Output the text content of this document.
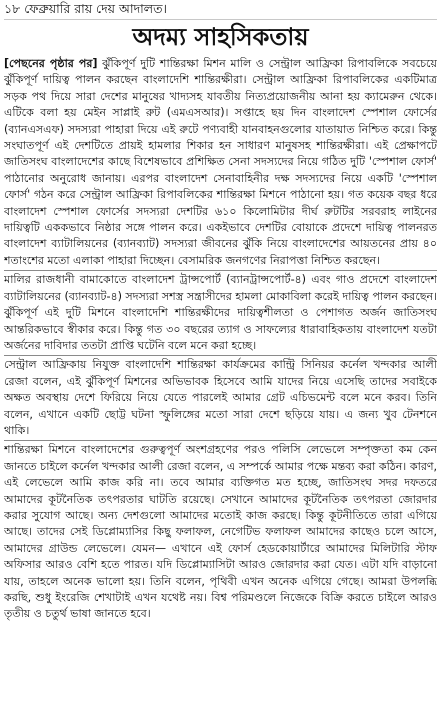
১৮ ফেব্রুয়ারি রায় দেয় আদালত।
অদম্য সাহসিকতায়

[পেছনের পৃষ্ঠার পর] ঝুঁকিপূর্ণ দুটি শান্তিরক্ষা মিশন মালি ও সেন্ট্রাল আফ্রিকা রিপাবলিকে সবচেয়ে ঝুঁকিপূর্ণ দায়িত্ব পালন করছেন বাংলাদেশি শান্তিরক্ষীরা। সেন্ট্রাল আফ্রিকা রিপাবলিকের একটিমাত্র সড়ক পথ দিয়ে সারা দেশের মানুষের খাদ্যসহ যাবতীয় নিত্যপ্রয়োজনীয় আনা হয় ক্যামেরুন থেকে। এটিকে বলা হয় মেইন সাপ্লাই রুট (এমএসআর)। সপ্তাহে ছয় দিন বাংলাদেশ স্পেশাল ফোর্সের (ব্যানএসএফ) সদস্যরা পাহারা দিয়ে এই রুটে পণ্যবাহী যানবাহনগুলোর যাতায়াত নিশ্চিত করে। কিন্তু সংঘাতপূর্ণ এই দেশটিতে প্রায়ই হামলার শিকার হন সাধারণ মানুষসহ শান্তিরক্ষীরা। এই প্রেক্ষাপটে জাতিসংঘ বাংলাদেশের কাছে বিশেষভাবে প্রশিক্ষিত সেনা সদস্যদের নিয়ে গঠিত দুটি 'স্পেশাল ফোর্স' পাঠানোর অনুরোধ জানায়। এরপর বাংলাদেশ সেনাবাহিনীর দক্ষ সদস্যদের নিয়ে একটি 'স্পেশাল ফোর্স' গঠন করে সেন্ট্রাল আফ্রিকা রিপাবলিকের শান্তিরক্ষা মিশনে পাঠানো হয়। গত কয়েক বছর ধরে বাংলাদেশ স্পেশাল ফোর্সের সদস্যরা দেশটির ৬১০ কিলোমিটার দীর্ঘ রুটটির সরবরাহ লাইনের দায়িত্বটি এককভাবে নিষ্ঠার সঙ্গে পালন করে। একইভাবে দেশটির বোয়াকে প্রদেশে দায়িত্ব পালনরত বাংলাদেশ ব্যাটালিয়নের (ব্যানব্যাট) সদস্যরা জীবনের ঝুঁকি নিয়ে বাংলাদেশের আয়তনের প্রায় ৪০ শতাংশের মতো এলাকা পাহারা দিচ্ছেন। বেসামরিক জনগণের নিরাপত্তা নিশ্চিত করছেন।

মালির রাজধানী বামাকোতে বাংলাদেশ ট্রান্সপোর্ট (ব্যানট্রান্সপোর্ট-৪) এবং গাও প্রদেশে বাংলাদেশ ব্যাটালিয়নের (ব্যানব্যাট-৪) সদস্যরা সশস্ত্র সন্ত্রাসীদের হামলা মোকাবিলা করেই দায়িত্ব পালন করছেন। ঝুঁকিপূর্ণ এই দুটি মিশনে বাংলাদেশি শান্তিরক্ষীদের দায়িত্বশীলতা ও পেশাগত অর্জন জাতিসংঘ আন্তরিকভাবে স্বীকার করে। কিন্তু গত ৩০ বছরের ত্যাগ ও সাফল্যের ধারাবাহিকতায় বাংলাদেশ যতটা অর্জনের দাবিদার ততটা প্রাপ্তি ঘটেনি বলে মনে করা হচ্ছে।

সেন্ট্রাল আফ্রিকায় নিযুক্ত বাংলাদেশি শান্তিরক্ষা কার্যক্রমের কান্ট্রি সিনিয়র কর্নেল খন্দকার আলী রেজা বলেন, এই ঝুঁকিপূর্ণ মিশনের অভিভাবক হিসেবে আমি যাদের নিয়ে এসেছি তাদের সবাইকে অক্ষত অবস্থায় দেশে ফিরিয়ে নিয়ে যেতে পারলেই আমার গ্রেট এচিভমেন্ট বলে মনে করব। তিনি বলেন, এখানে একটি ছোট্ট ঘটনা স্ফুলিঙ্গের মতো সারা দেশে ছড়িয়ে যায়। এ জন্য খুব টেনশনে থাকি।

শান্তিরক্ষা মিশনে বাংলাদেশের গুরুত্বপূর্ণ অংশগ্রহণের পরও পলিসি লেভেলে সম্পৃক্ততা কম কেন জানতে চাইলে কর্নেল খন্দকার আলী রেজা বলেন, এ সম্পর্কে আমার পক্ষে মন্তব্য করা কঠিন। কারণ, এই লেভেলে আমি কাজ করি না। তবে আমার ব্যক্তিগত মত হচ্ছে, জাতিসংঘ সদর দফতরে আমাদের কূটনৈতিক তৎপরতার ঘাটতি রয়েছে। সেখানে আমাদের কূটনৈতিক তৎপরতা জোরদার করার সুযোগ আছে। অন্য দেশগুলো আমাদের মতোই কাজ করছে। কিন্তু কূটনীতিতে তারা এগিয়ে আছে। তাদের সেই ডিপ্লোম্যাসির কিছু ফলাফল, নেগেটিভ ফলাফল আমাদের কাছেও চলে আসে, আমাদের গ্রাউন্ড লেভেলে। যেমন— এখানে এই ফোর্স হেডকোয়ার্টারে আমাদের মিলিটারি স্টাফ অফিসার আরও বেশি হতে পারত। যদি ডিপ্লোম্যাসিটা আরও জোরদার করা যেত। এটা যদি বাড়ানো যায়, তাহলে অনেক ভালো হয়। তিনি বলেন, পৃথিবী এখন অনেক এগিয়ে গেছে। আমরা উপলব্ধি করছি, শুধু ইংরেজি শেখাটাই এখন যথেষ্ট নয়। বিশ্ব পরিমণ্ডলে নিজেকে বিক্রি করতে চাইলে আরও তৃতীয় ও চতুর্থ ভাষা জানতে হবে।
